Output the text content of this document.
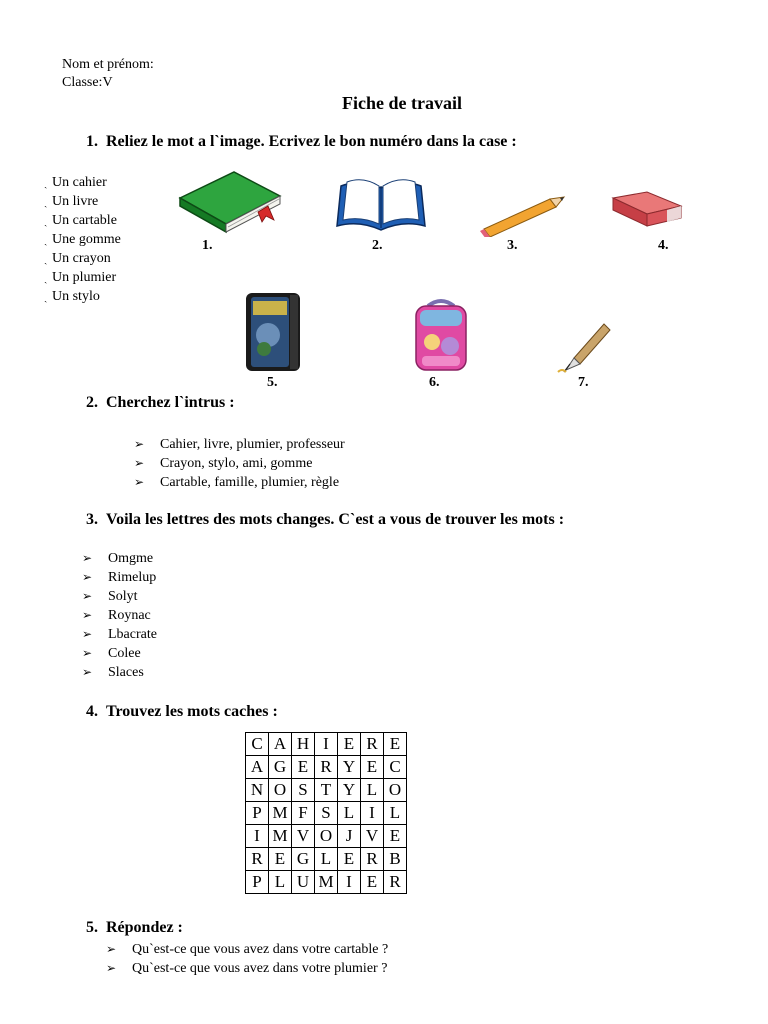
Nom et prénom:
Classe:V
Fiche de travail
1. Reliez le mot a l`image. Ecrivez le bon numéro dans la case :
ˏ Un cahier
ˏ Un livre
ˏ Un cartable
ˏ Une gomme
ˏ Un crayon
ˏ Un plumier
ˏ Un stylo
1.	2.	3.	4.
5.	6.	7.
2. Cherchez l`intrus :
➢ Cahier, livre, plumier, professeur
➢ Crayon, stylo, ami, gomme
➢ Cartable, famille, plumier, règle
3. Voila les lettres des mots changes. C`est a vous de trouver les mots :
➢ Omgme
➢ Rimelup
➢ Solyt
➢ Roynac
➢ Lbacrate
➢ Colee
➢ Slaces
4. Trouvez les mots caches :
C	A	H	I	E	R	E
A	G	E	R	Y	E	C
N	O	S	T	Y	L	O
P	M	F	S	L	I	L
I	M	V	O	J	V	E
R	E	G	L	E	R	B
P	L	U	M	I	E	R
5. Répondez :
➢ Qu`est-ce que vous avez dans votre cartable ?
➢ Qu`est-ce que vous avez dans votre plumier ?
